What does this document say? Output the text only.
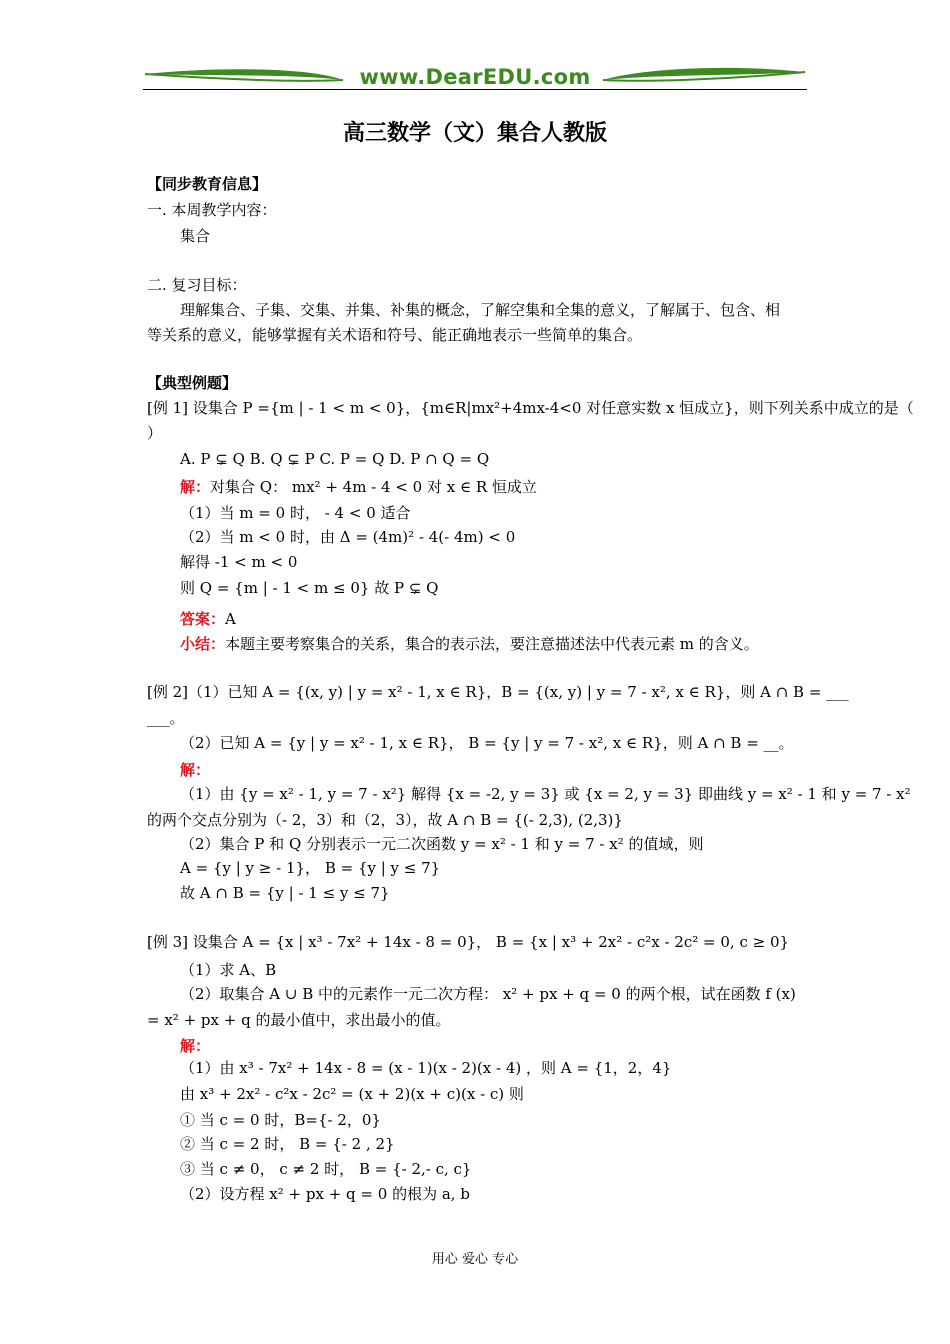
www.DearEDU.com
高三数学（文）集合人教版
【同步教育信息】
一. 本周教学内容：
集合
二. 复习目标：
理解集合、子集、交集、并集、补集的概念，了解空集和全集的意义，了解属于、包含、相
等关系的意义，能够掌握有关术语和符号、能正确地表示一些简单的集合。
【典型例题】
[例 1] 设集合 P ={m | - 1 < m < 0}，{m∈R|mx²+4mx-4<0 对任意实数 x 恒成立}，则下列关系中成立的是（
）
A. P ⊊ Q B. Q ⊊ P C. P = Q D. P ∩ Q = Q
解：对集合 Q： mx² + 4m - 4 < 0 对 x ∈ R 恒成立
（1）当 m = 0 时， - 4 < 0 适合
（2）当 m < 0 时，由 Δ = (4m)² - 4(- 4m) < 0
解得 -1 < m < 0
则 Q = {m | - 1 < m ≤ 0} 故 P ⊊ Q
答案：A
小结：本题主要考察集合的关系，集合的表示法，要注意描述法中代表元素 m 的含义。
[例 2]（1）已知 A = {(x, y) | y = x² - 1, x ∈ R}，B = {(x, y) | y = 7 - x², x ∈ R}，则 A ∩ B = ___
___。
（2）已知 A = {y | y = x² - 1, x ∈ R}， B = {y | y = 7 - x², x ∈ R}，则 A ∩ B = __。
解：
（1）由 {y = x² - 1, y = 7 - x²} 解得 {x = -2, y = 3} 或 {x = 2, y = 3} 即曲线 y = x² - 1 和 y = 7 - x²
的两个交点分别为（- 2，3）和（2，3），故 A ∩ B = {(- 2,3), (2,3)}
（2）集合 P 和 Q 分别表示一元二次函数 y = x² - 1 和 y = 7 - x² 的值域，则
A = {y | y ≥ - 1}， B = {y | y ≤ 7}
故 A ∩ B = {y | - 1 ≤ y ≤ 7}
[例 3] 设集合 A = {x | x³ - 7x² + 14x - 8 = 0}， B = {x | x³ + 2x² - c²x - 2c² = 0, c ≥ 0}
（1）求 A、B
（2）取集合 A ∪ B 中的元素作一元二次方程： x² + px + q = 0 的两个根，试在函数 f (x)
= x² + px + q 的最小值中，求出最小的值。
解：
（1）由 x³ - 7x² + 14x - 8 = (x - 1)(x - 2)(x - 4) ，则 A = {1，2，4}
由 x³ + 2x² - c²x - 2c² = (x + 2)(x + c)(x - c) 则
① 当 c = 0 时，B={- 2，0}
② 当 c = 2 时， B = {- 2 , 2}
③ 当 c ≠ 0， c ≠ 2 时， B = {- 2,- c, c}
（2）设方程 x² + px + q = 0 的根为 a, b
用心 爱心 专心
